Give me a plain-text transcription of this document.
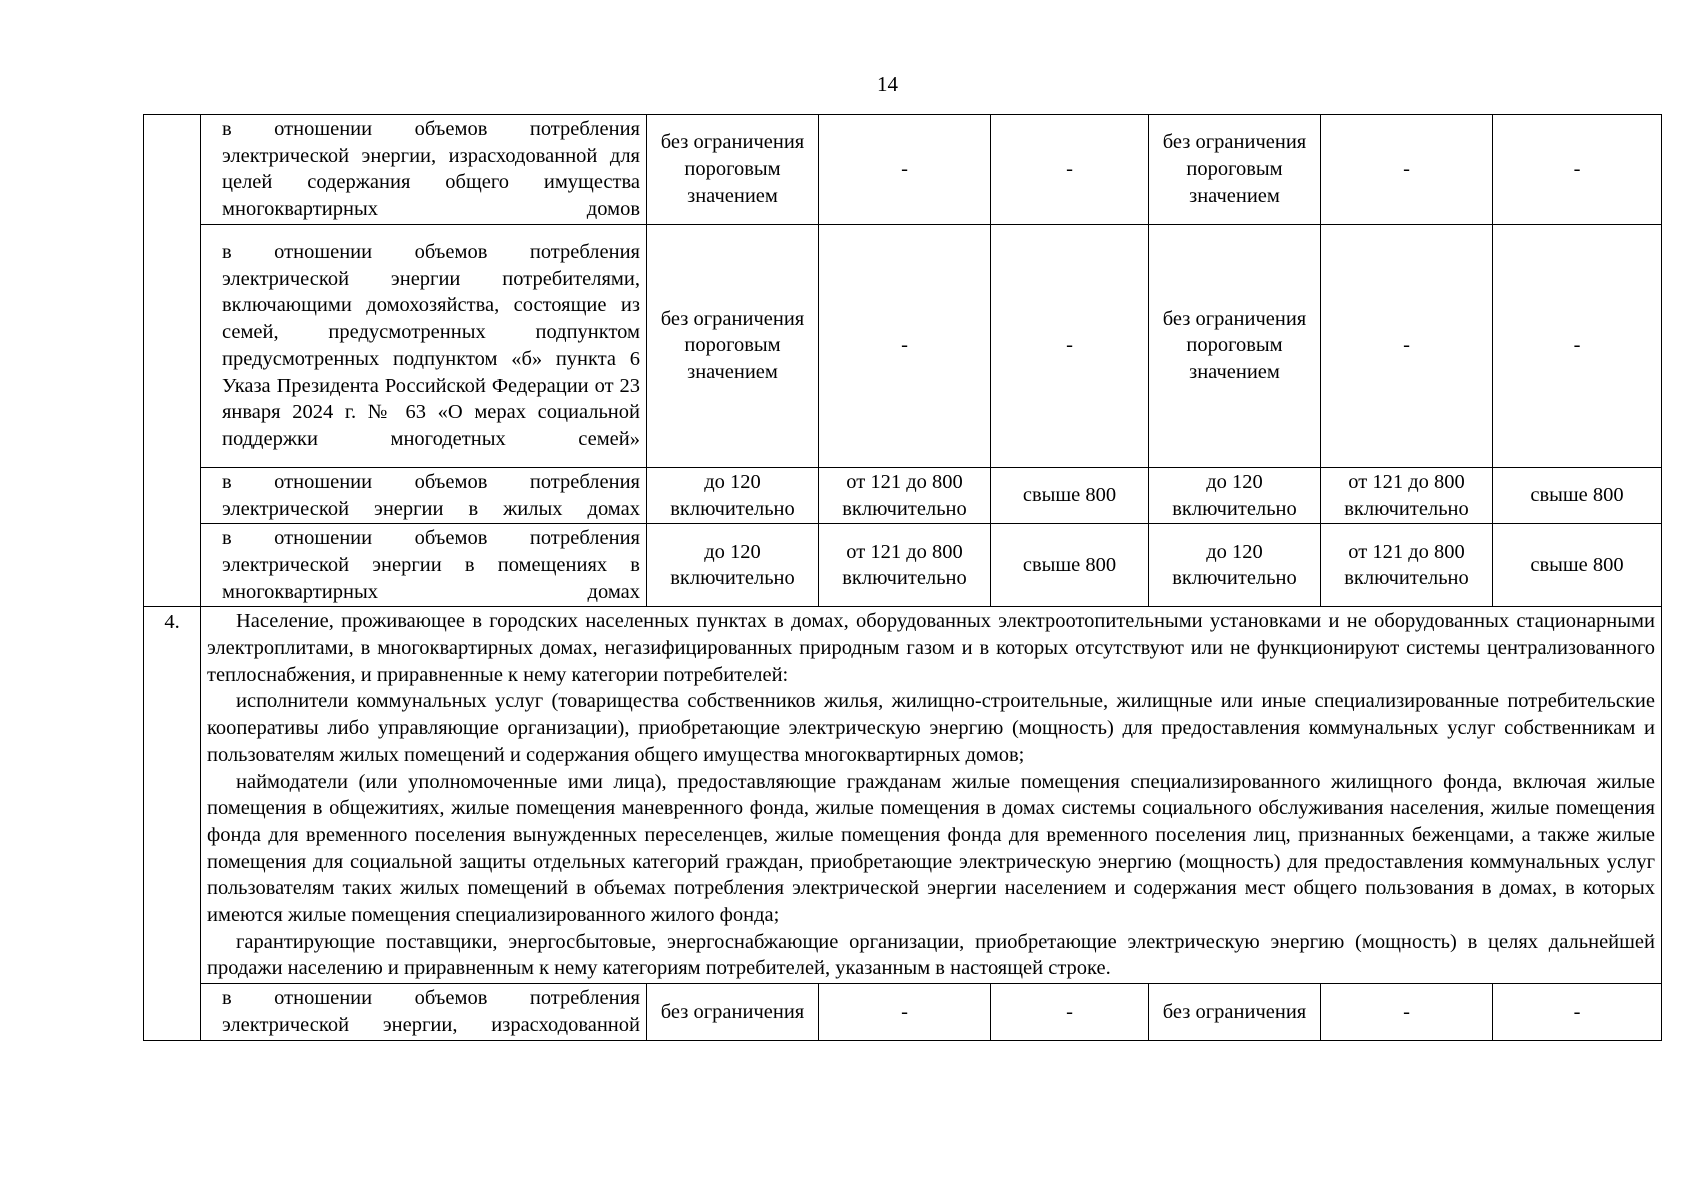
14
	в отношении объемов потребления электрической энергии, израсходованной для целей содержания общего имущества многоквартирных домов	без ограничения пороговым значением	-	-	без ограничения пороговым значением	-	-
	в отношении объемов потребления электрической энергии потребителями, включающими домохозяйства, состоящие из семей, предусмотренных подпунктом предусмотренных подпунктом «б» пункта 6 Указа Президента Российской Федерации от 23 января 2024 г. № 63 «О мерах социальной поддержки многодетных семей»	без ограничения пороговым значением	-	-	без ограничения пороговым значением	-	-
	в отношении объемов потребления электрической энергии в жилых домах	до 120 включительно	от 121 до 800 включительно	свыше 800	до 120 включительно	от 121 до 800 включительно	свыше 800
	в отношении объемов потребления электрической энергии в помещениях в многоквартирных домах	до 120 включительно	от 121 до 800 включительно	свыше 800	до 120 включительно	от 121 до 800 включительно	свыше 800
4.	Население, проживающее в городских населенных пунктах в домах, оборудованных электроотопительными установками и не оборудованных стационарными электроплитами, в многоквартирных домах, негазифицированных природным газом и в которых отсутствуют или не функционируют системы централизованного теплоснабжения, и приравненные к нему категории потребителей:

исполнители коммунальных услуг (товарищества собственников жилья, жилищно-строительные, жилищные или иные специализированные потребительские кооперативы либо управляющие организации), приобретающие электрическую энергию (мощность) для предоставления коммунальных услуг собственникам и пользователям жилых помещений и содержания общего имущества многоквартирных домов;

наймодатели (или уполномоченные ими лица), предоставляющие гражданам жилые помещения специализированного жилищного фонда, включая жилые помещения в общежитиях, жилые помещения маневренного фонда, жилые помещения в домах системы социального обслуживания населения, жилые помещения фонда для временного поселения вынужденных переселенцев, жилые помещения фонда для временного поселения лиц, признанных беженцами, а также жилые помещения для социальной защиты отдельных категорий граждан, приобретающие электрическую энергию (мощность) для предоставления коммунальных услуг пользователям таких жилых помещений в объемах потребления электрической энергии населением и содержания мест общего пользования в домах, в которых имеются жилые помещения специализированного жилого фонда;

гарантирующие поставщики, энергосбытовые, энергоснабжающие организации, приобретающие электрическую энергию (мощность) в целях дальнейшей продажи населению и приравненным к нему категориям потребителей, указанным в настоящей строке.						

	в отношении объемов потребления электрической энергии, израсходованной	без ограничения	-	-	без ограничения	-	-
